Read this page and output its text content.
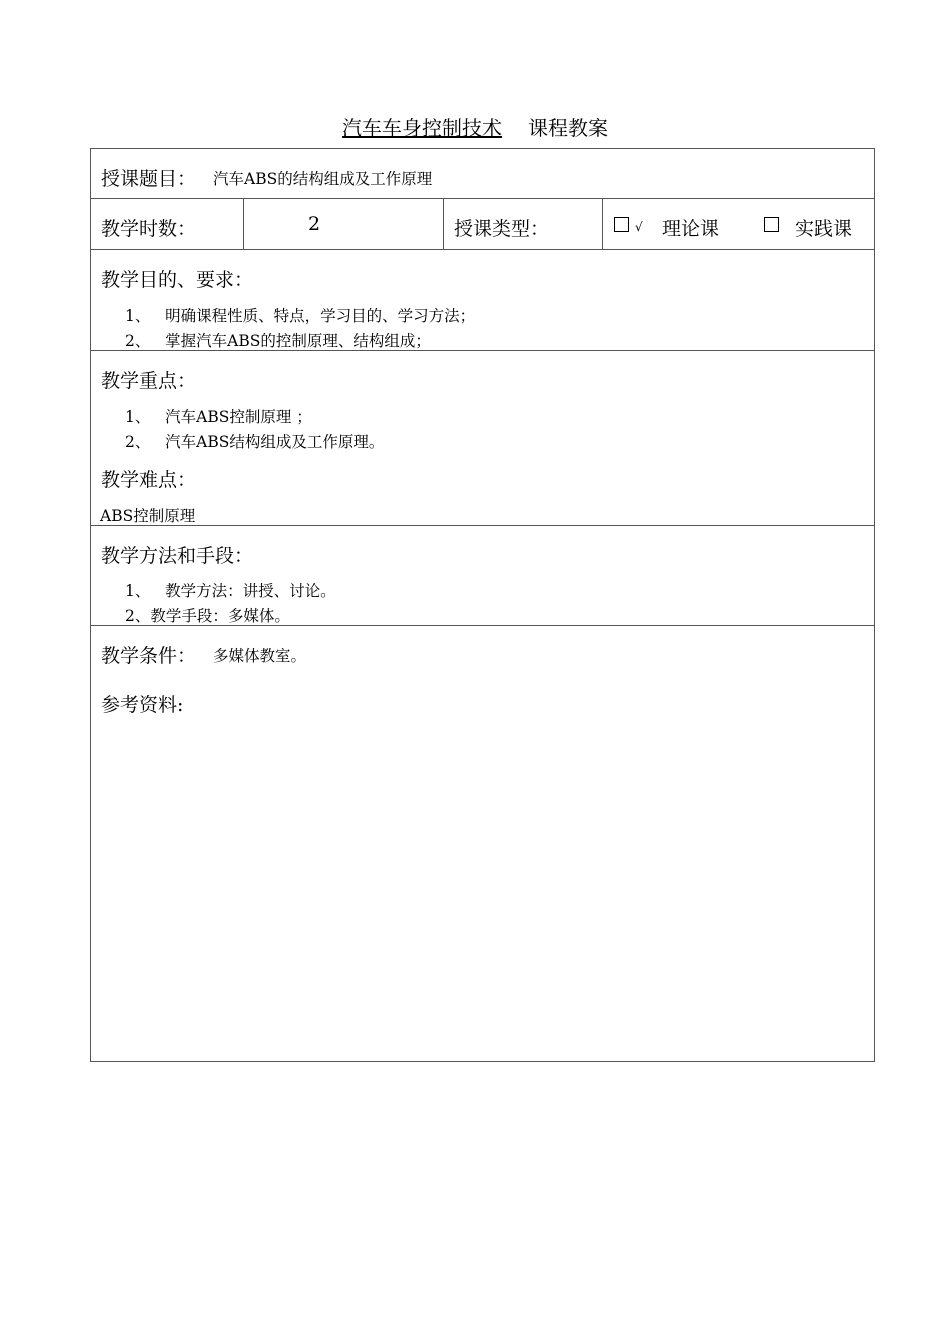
汽车车身控制技术 课程教案
授课题目： 汽车ABS的结构组成及工作原理
教学时数：	2	授课类型：	√ 理论课	实践课
教学目的、要求：
1、   明确课程性质、特点，学习目的、学习方法；
2、   掌握汽车ABS的控制原理、结构组成；
教学重点：
1、   汽车ABS控制原理 ；
2、   汽车ABS结构组成及工作原理。
教学难点：
ABS控制原理
教学方法和手段：
1、   教学方法：讲授、讨论。
2、教学手段：多媒体。
教学条件： 多媒体教室。
参考资料:
